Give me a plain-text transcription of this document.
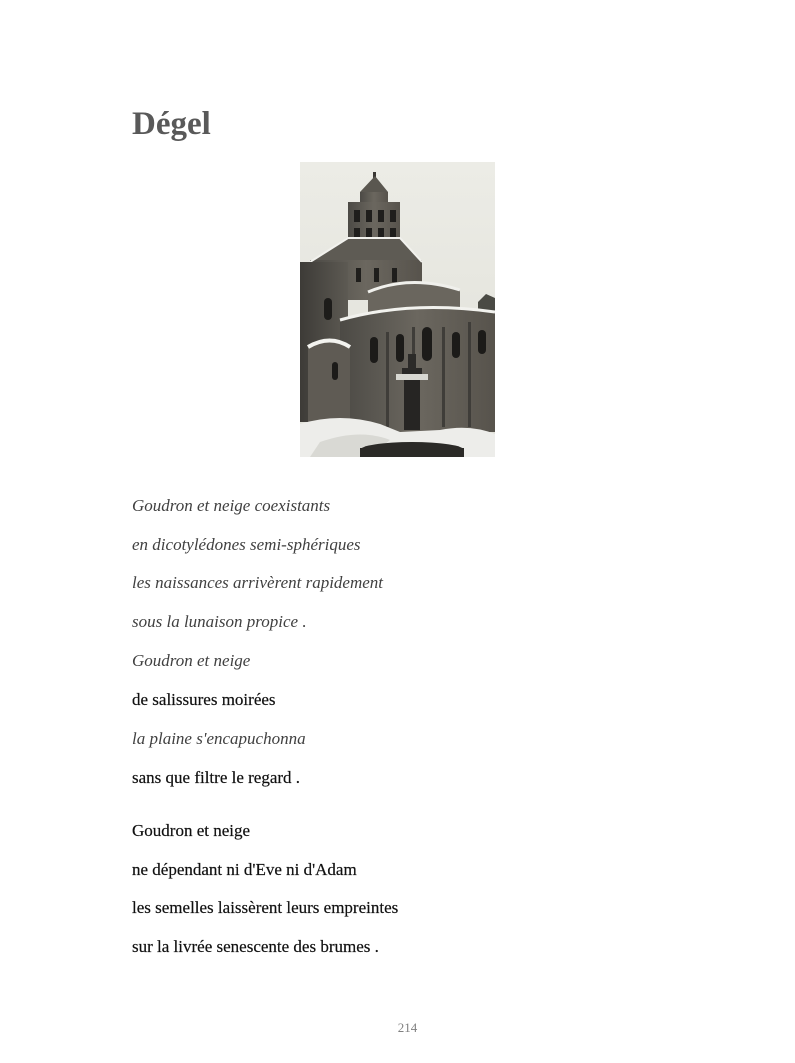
Dégel
Goudron et neige coexistants
en dicotylédones semi-sphériques
les naissances arrivèrent rapidement
sous la lunaison propice .
Goudron et neige
de salissures moirées
la plaine s'encapuchonna
sans que filtre le regard .
Goudron et neige
ne dépendant ni d'Eve ni d'Adam
les semelles laissèrent leurs empreintes
sur la livrée senescente des brumes .
214
